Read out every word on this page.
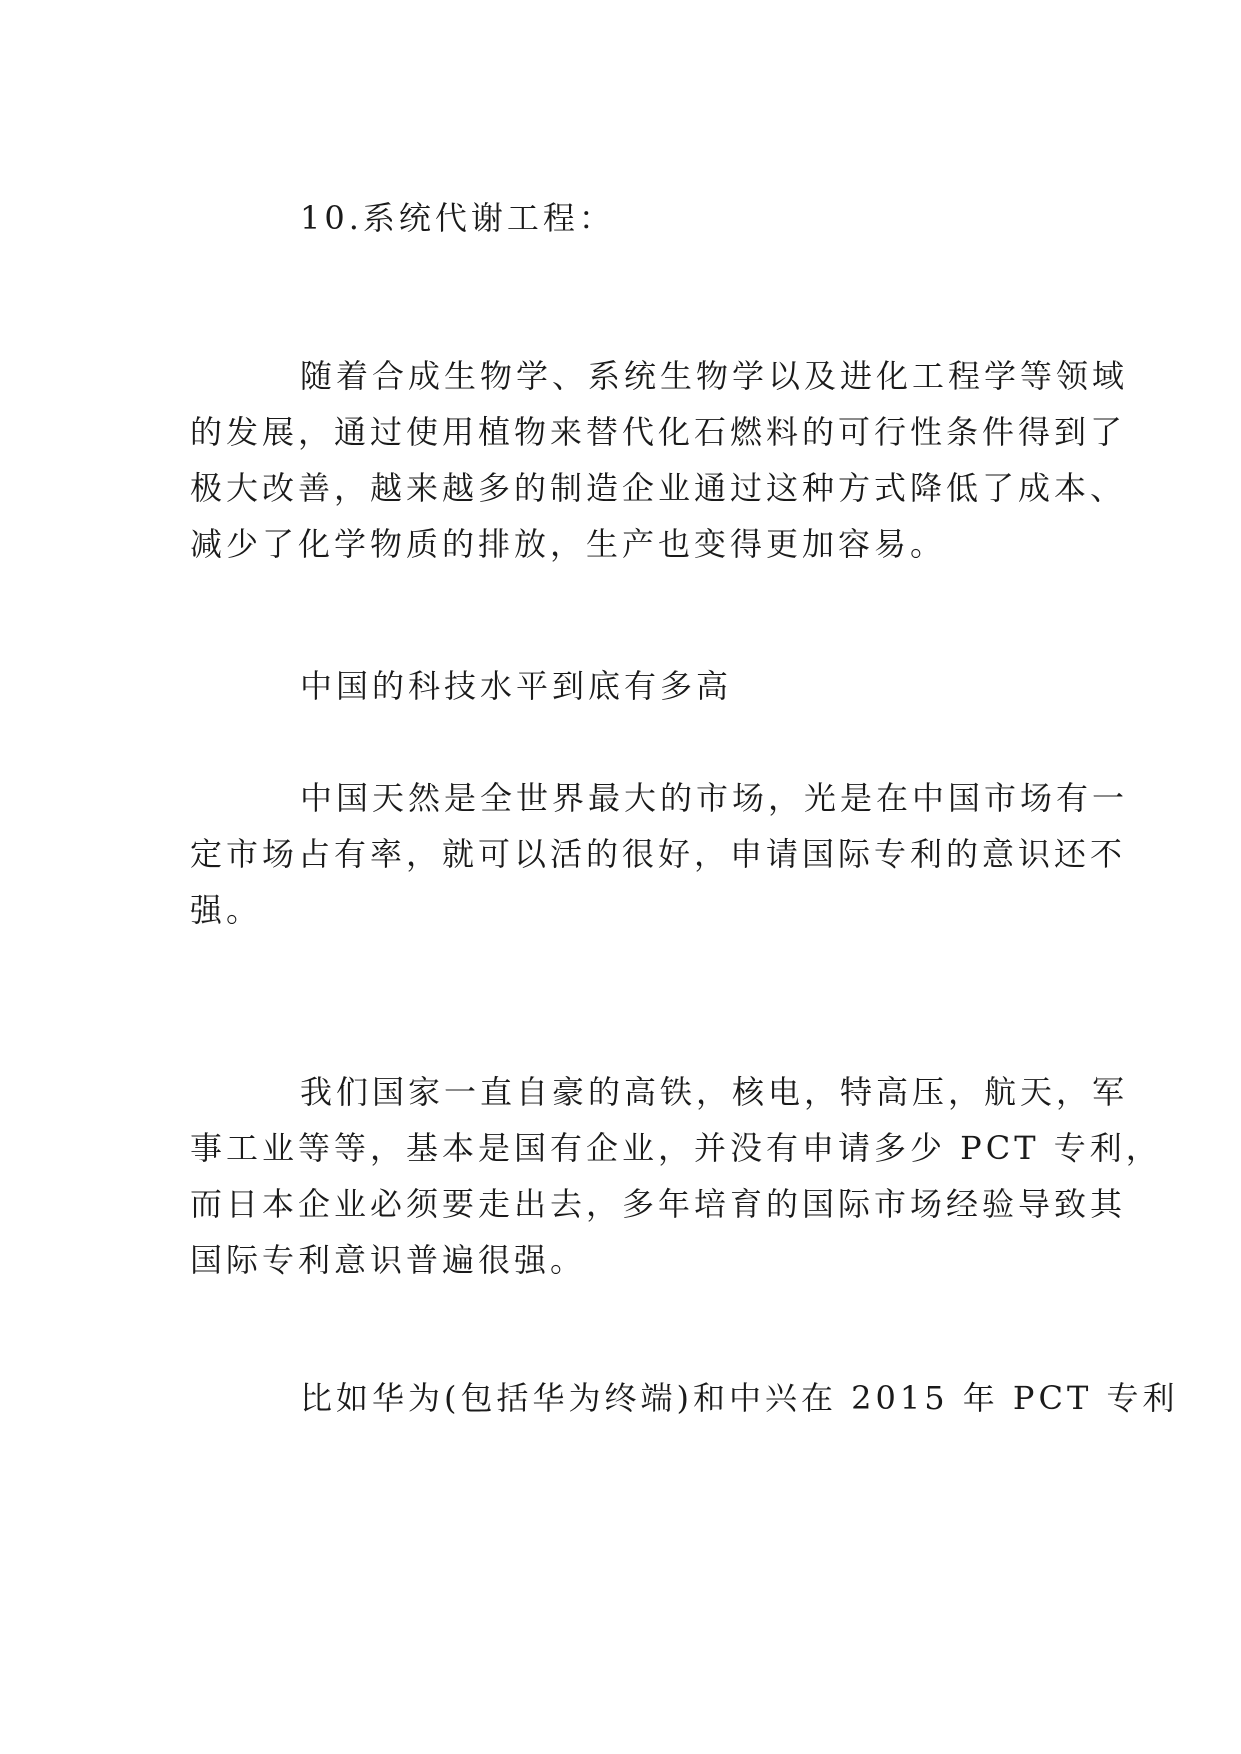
10.系统代谢工程：
随着合成生物学、系统生物学以及进化工程学等领域
的发展，通过使用植物来替代化石燃料的可行性条件得到了
极大改善，越来越多的制造企业通过这种方式降低了成本、
减少了化学物质的排放，生产也变得更加容易。
中国的科技水平到底有多高
中国天然是全世界最大的市场，光是在中国市场有一
定市场占有率，就可以活的很好，申请国际专利的意识还不
强。
我们国家一直自豪的高铁，核电，特高压，航天，军
事工业等等，基本是国有企业，并没有申请多少 PCT 专利，
而日本企业必须要走出去，多年培育的国际市场经验导致其
国际专利意识普遍很强。
比如华为(包括华为终端)和中兴在 2015 年 PCT 专利
